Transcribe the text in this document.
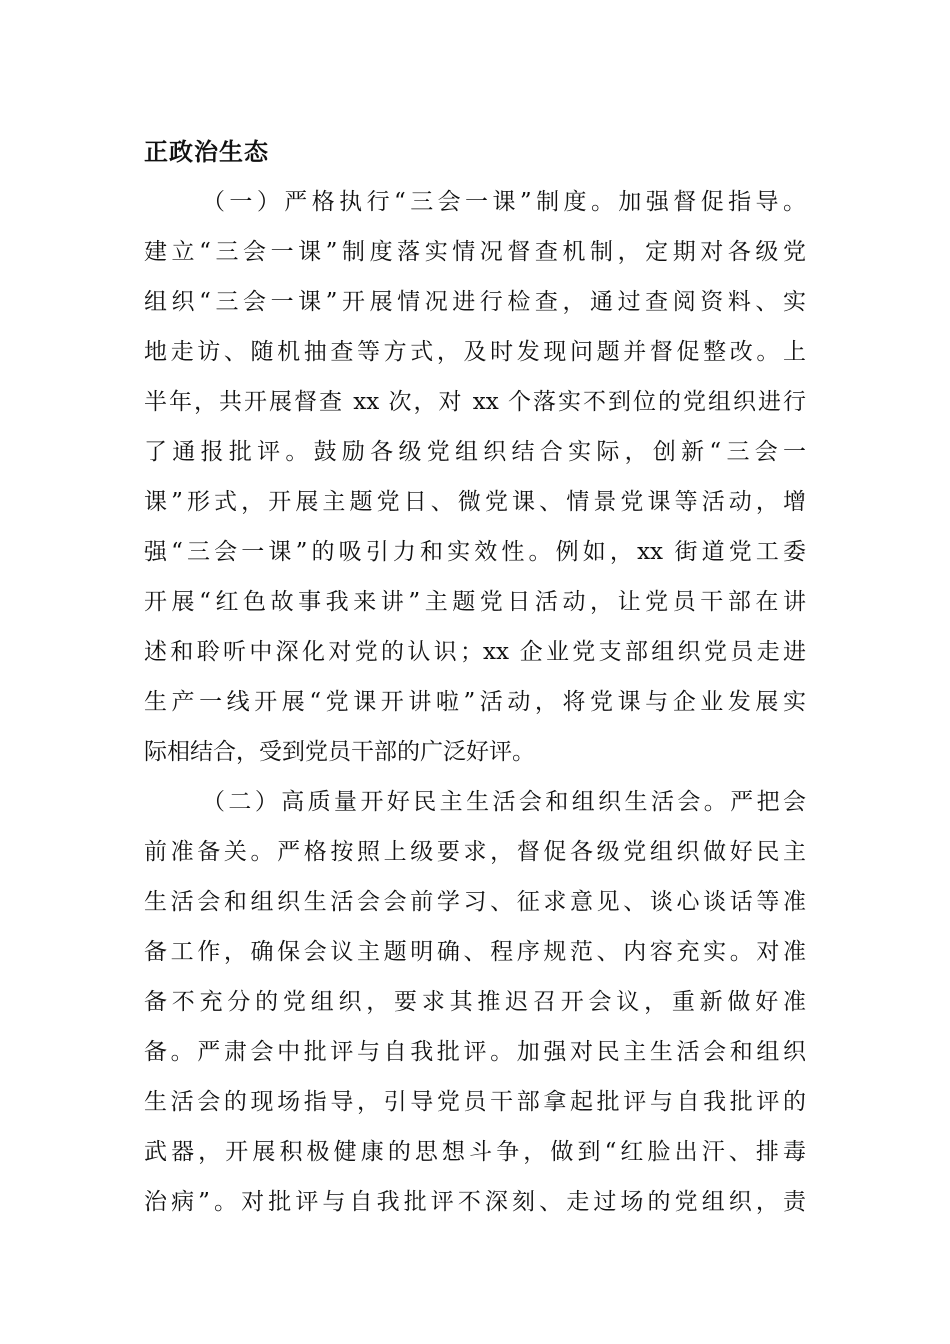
正政治生态
（一）严格执行“三会一课”制度。加强督促指导。
建立“三会一课”制度落实情况督查机制，定期对各级党
组织“三会一课”开展情况进行检查，通过查阅资料、实
地走访、随机抽查等方式，及时发现问题并督促整改。上
半年，共开展督查 xx 次，对 xx 个落实不到位的党组织进行
了通报批评。鼓励各级党组织结合实际，创新“三会一
课”形式，开展主题党日、微党课、情景党课等活动，增
强“三会一课”的吸引力和实效性。例如，xx 街道党工委
开展“红色故事我来讲”主题党日活动，让党员干部在讲
述和聆听中深化对党的认识；xx 企业党支部组织党员走进
生产一线开展“党课开讲啦”活动，将党课与企业发展实
际相结合，受到党员干部的广泛好评。
（二）高质量开好民主生活会和组织生活会。严把会
前准备关。严格按照上级要求，督促各级党组织做好民主
生活会和组织生活会会前学习、征求意见、谈心谈话等准
备工作，确保会议主题明确、程序规范、内容充实。对准
备不充分的党组织，要求其推迟召开会议，重新做好准
备。严肃会中批评与自我批评。加强对民主生活会和组织
生活会的现场指导，引导党员干部拿起批评与自我批评的
武器，开展积极健康的思想斗争，做到“红脸出汗、排毒
治病”。对批评与自我批评不深刻、走过场的党组织，责
